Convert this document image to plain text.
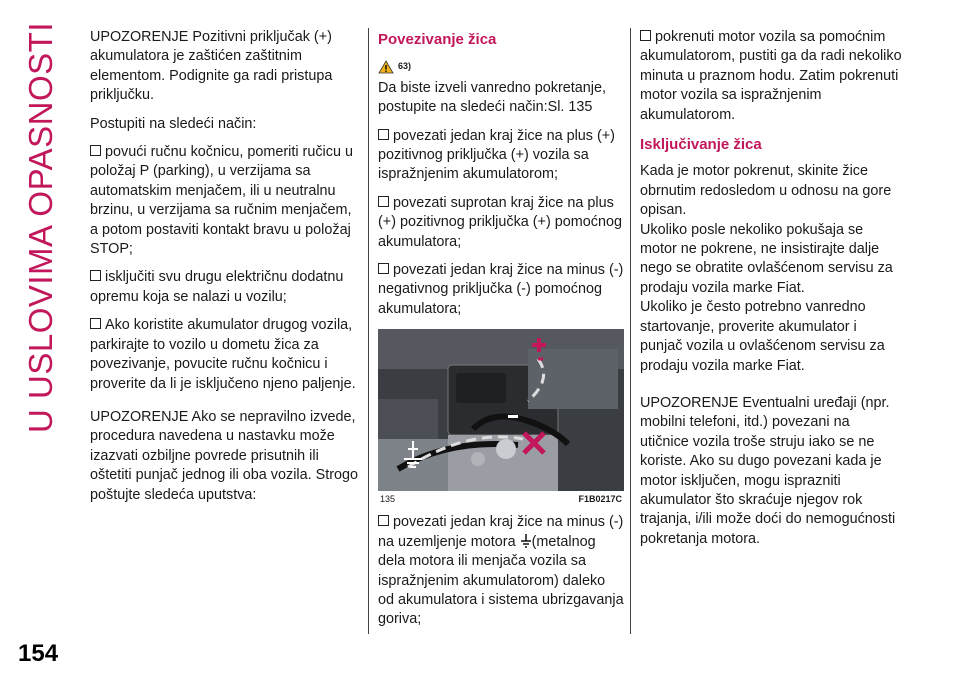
U USLOVIMA OPASNOSTI
154

UPOZORENJE Pozitivni priključak (+) akumulatora je zaštićen zaštitnim elementom. Podignite ga radi pristupa priključku.

Postupiti na sledeći način:

povući ručnu kočnicu, pomeriti ručicu u položaj P (parking), u verzijama sa automatskim menjačem, ili u neutralnu brzinu, u verzijama sa ručnim menjačem, a potom postaviti kontakt bravu u položaj STOP;

isključiti svu drugu električnu dodatnu opremu koja se nalazi u vozilu;

Ako koristite akumulator drugog vozila, parkirajte to vozilo u dometu žica za povezivanje, povucite ručnu kočnicu i proverite da li je isključeno njeno paljenje.

UPOZORENJE Ako se nepravilno izvede, procedura navedena u nastavku može izazvati ozbiljne povrede prisutnih ili oštetiti punjač jednog ili oba vozila. Strogo poštujte sledeća uputstva:

Povezivanje žica
63)

Da biste izveli vanredno pokretanje, postupite na sledeći način:Sl. 135

povezati jedan kraj žice na plus (+) pozitivnog priključka (+) vozila sa ispražnjenim akumulatorom;

povezati suprotan kraj žice na plus (+) pozitivnog priključka (+) pomoćnog akumulatora;

povezati jedan kraj žice na minus (-) negativnog priključka (-) pomoćnog akumulatora;

135	F1B0217C

povezati jedan kraj žice na minus (-) na uzemljenje motora (metalnog dela motora ili menjača vozila sa ispražnjenim akumulatorom) daleko od akumulatora i sistema ubrizgavanja goriva;

pokrenuti motor vozila sa pomoćnim akumulatorom, pustiti ga da radi nekoliko minuta u praznom hodu. Zatim pokrenuti motor vozila sa ispražnjenim akumulatorom.

Isključivanje žica

Kada je motor pokrenut, skinite žice obrnutim redosledom u odnosu na gore opisan.

Ukoliko posle nekoliko pokušaja se motor ne pokrene, ne insistirajte dalje nego se obratite ovlašćenom servisu za prodaju vozila marke Fiat.

Ukoliko je često potrebno vanredno startovanje, proverite akumulator i punjač vozila u ovlašćenom servisu za prodaju vozila marke Fiat.

UPOZORENJE Eventualni uređaji (npr. mobilni telefoni, itd.) povezani na utičnice vozila troše struju iako se ne koriste. Ako su dugo povezani kada je motor isključen, mogu isprazniti akumulator što skraćuje njegov rok trajanja, i/ili može doći do nemogućnosti pokretanja motora.
